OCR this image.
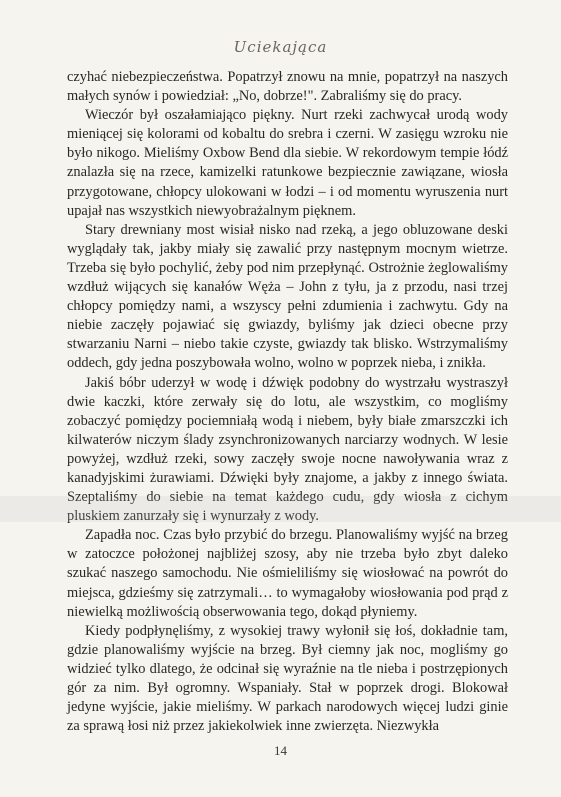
Uciekająca

czyhać niebezpieczeństwa. Popatrzył znowu na mnie, popatrzył na naszych małych synów i powiedział: „No, dobrze!". Zabraliśmy się do pracy.

Wieczór był oszałamiająco piękny. Nurt rzeki zachwycał urodą wody mieniącej się kolorami od kobaltu do srebra i czerni. W zasięgu wzroku nie było nikogo. Mieliśmy Oxbow Bend dla siebie. W rekordowym tempie łódź znalazła się na rzece, kamizelki ratunkowe bezpiecznie zawiązane, wiosła przygotowane, chłopcy ulokowani w łodzi – i od momentu wyruszenia nurt upajał nas wszystkich niewyobrażalnym pięknem.

Stary drewniany most wisiał nisko nad rzeką, a jego obluzowane deski wyglądały tak, jakby miały się zawalić przy następnym mocnym wietrze. Trzeba się było pochylić, żeby pod nim przepłynąć. Ostrożnie żeglowaliśmy wzdłuż wijących się kanałów Węża – John z tyłu, ja z przodu, nasi trzej chłopcy pomiędzy nami, a wszyscy pełni zdumienia i zachwytu. Gdy na niebie zaczęły pojawiać się gwiazdy, byliśmy jak dzieci obecne przy stwarzaniu Narni – niebo takie czyste, gwiazdy tak blisko. Wstrzymaliśmy oddech, gdy jedna poszybowała wolno, wolno w poprzek nieba, i znikła.

Jakiś bóbr uderzył w wodę i dźwięk podobny do wystrzału wystraszył dwie kaczki, które zerwały się do lotu, ale wszystkim, co mogliśmy zobaczyć pomiędzy pociemniałą wodą i niebem, były białe zmarszczki ich kilwaterów niczym ślady zsynchronizowanych narciarzy wodnych. W lesie powyżej, wzdłuż rzeki, sowy zaczęły swoje nocne nawoływania wraz z kanadyjskimi żurawiami. Dźwięki były znajome, a jakby z innego świata. Szeptaliśmy do siebie na temat każdego cudu, gdy wiosła z cichym pluskiem zanurzały się i wynurzały z wody.

Zapadła noc. Czas było przybić do brzegu. Planowaliśmy wyjść na brzeg w zatoczce położonej najbliżej szosy, aby nie trzeba było zbyt daleko szukać naszego samochodu. Nie ośmieliliśmy się wiosłować na powrót do miejsca, gdzieśmy się zatrzymali… to wymagałoby wiosłowania pod prąd z niewielką możliwością obserwowania tego, dokąd płyniemy.

Kiedy podpłynęliśmy, z wysokiej trawy wyłonił się łoś, dokładnie tam, gdzie planowaliśmy wyjście na brzeg. Był ciemny jak noc, mogliśmy go widzieć tylko dlatego, że odcinał się wyraźnie na tle nieba i postrzępionych gór za nim. Był ogromny. Wspaniały. Stał w poprzek drogi. Blokował jedyne wyjście, jakie mieliśmy. W parkach narodowych więcej ludzi ginie za sprawą łosi niż przez jakiekolwiek inne zwierzęta. Niezwykła

14
